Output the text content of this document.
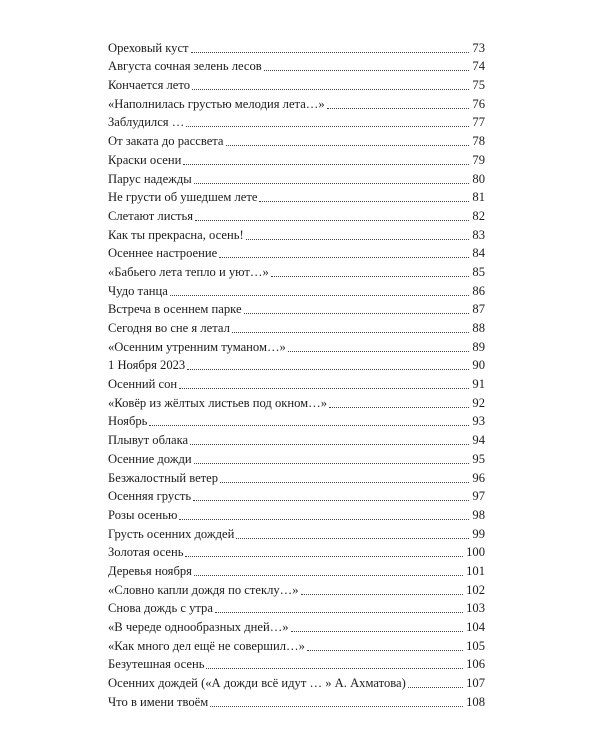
Ореховый куст	73
Августа сочная зелень лесов	74
Кончается лето	75
«Наполнилась грустью мелодия лета…»	76
Заблудился …	77
От заката до рассвета	78
Краски осени	79
Парус надежды	80
Не грусти об ушедшем лете	81
Слетают листья	82
Как ты прекрасна, осень!	83
Осеннее настроение	84
«Бабьего лета тепло и уют…»	85
Чудо танца	86
Встреча в осеннем парке	87
Сегодня во сне я летал	88
«Осенним утренним туманом…»	89
1 Ноября 2023	90
Осенний сон	91
«Ковёр из жёлтых листьев под окном…»	92
Ноябрь	93
Плывут облака	94
Осенние дожди	95
Безжалостный ветер	96
Осенняя грусть	97
Розы осенью	98
Грусть осенних дождей	99
Золотая осень	100
Деревья ноября	101
«Словно капли дождя по стеклу…»	102
Снова дождь с утра	103
«В череде однообразных дней…»	104
«Как много дел ещё не совершил…»	105
Безутешная осень	106
Осенних дождей («А дожди всё идут … » А. Ахматова)	107
Что в имени твоём	108
